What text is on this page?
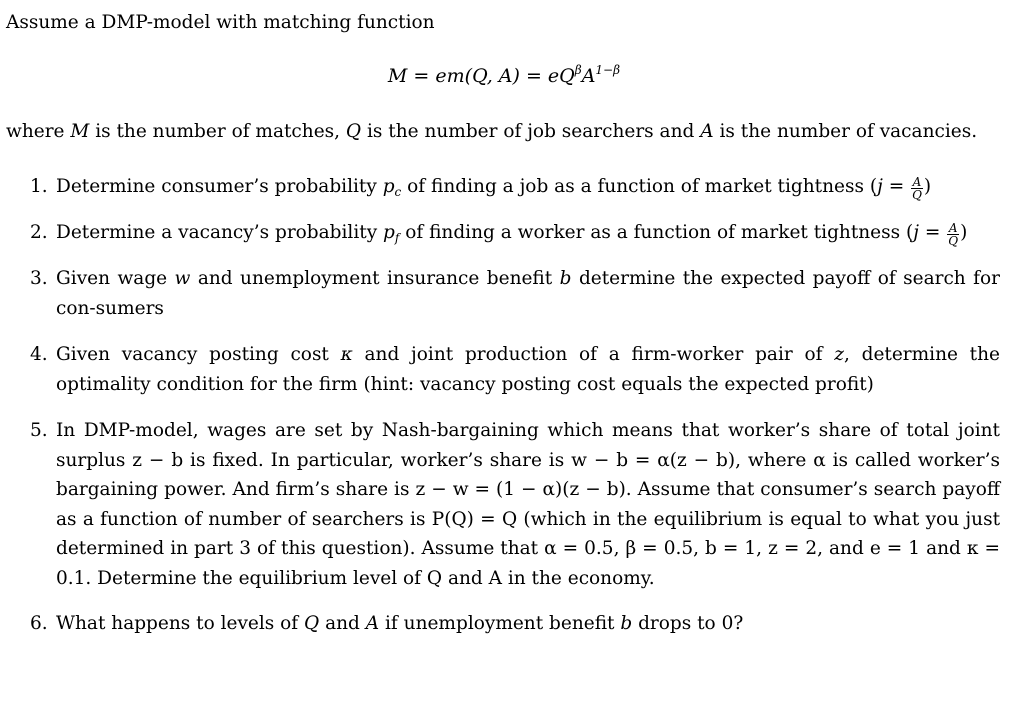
Assume a DMP-model with matching function
M = em(Q, $A) = eQ^\beta A^{1-\beta}$
where M is the number of matches, Q is the number of job searchers and A is the number of vacancies.
1. Determine consumer’s probability $p_c$ of finding a job as a function of market tightness ($j = \frac{A}{Q}$ )
2. Determine a vacancy’s probability $p_f$ of finding a worker as a function of market tightness ($j = \frac{A}{Q}$ )
3. Given wage w and unemployment insurance benefit b determine the expected payoff of search for con-sumers
4. Given vacancy posting cost κ and joint production of a firm-worker pair of z, determine the optimality condition for the firm (hint: vacancy posting cost equals the expected profit)
5. In DMP-model, wages are set by Nash-bargaining which means that worker’s share of total joint surplus z − b is fixed. In particular, worker’s share is w − b = α(z − b), where α is called worker’s bargaining power. And firm’s share is z − w = (1 − α)(z − b). Assume that consumer’s search payoff as a function of number of searchers is P(Q) = Q (which in the equilibrium is equal to what you just determined in part 3 of this question). Assume that α = 0.5, β = 0.5, b = 1, z = 2, and e = 1 and κ = 0.1. Determine the equilibrium level of Q and A in the economy.
6. What happens to levels of Q and A if unemployment benefit b drops to 0?
